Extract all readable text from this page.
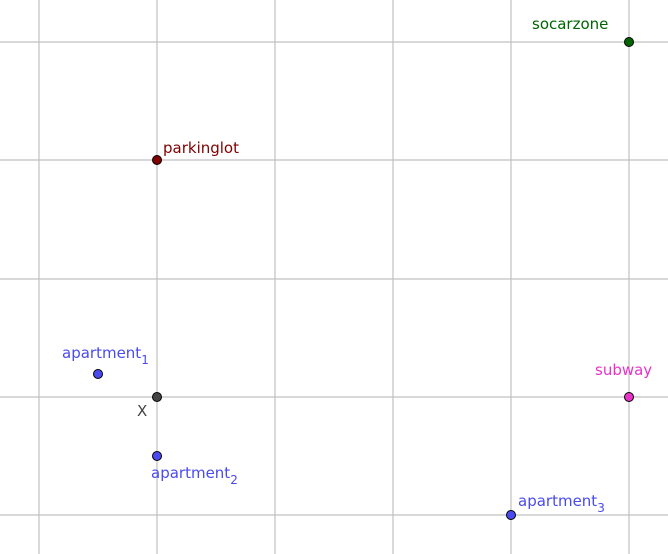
socarzone
parkinglot
apartment$_1$
X
subway
apartment$_2$
apartment$_3$
